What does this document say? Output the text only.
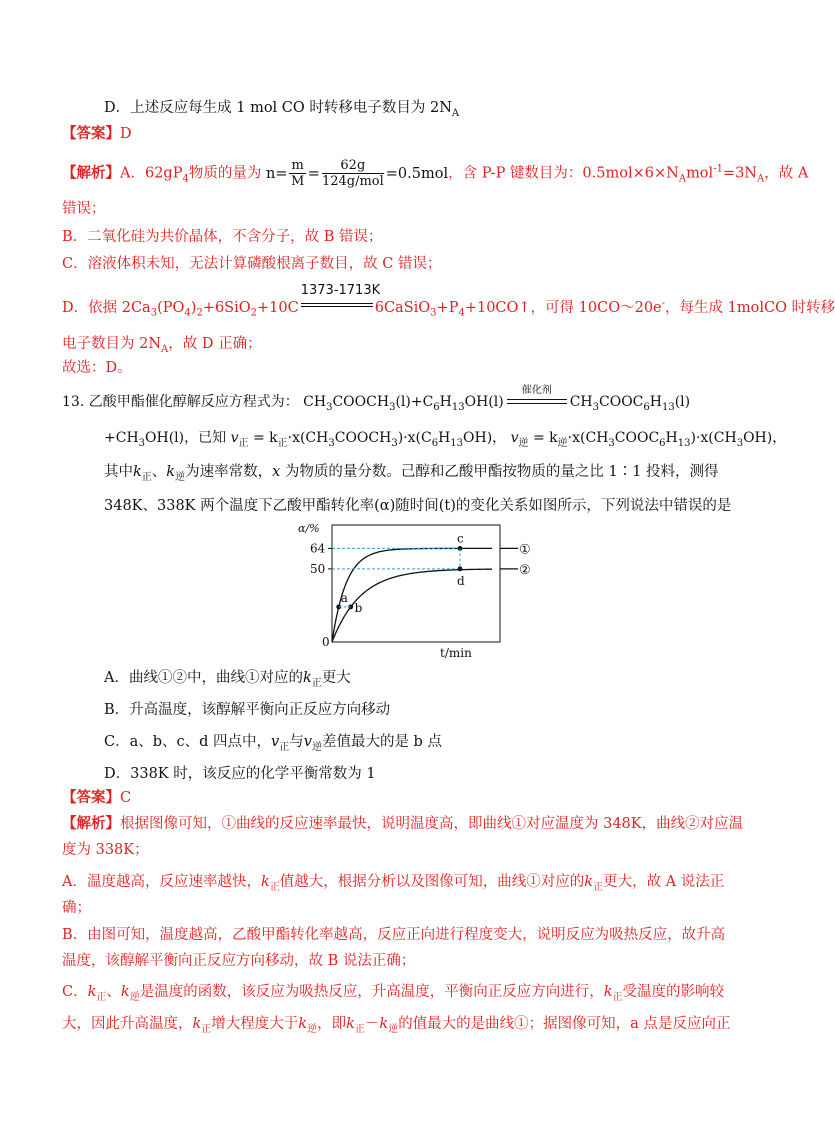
D．上述反应每生成 1 mol CO 时转移电子数目为 $2N_A$
【答案】D
【解析】A．$62gP_4$物质的量为 $n= \frac{m}{M} = \frac{62g}{\text{124g/mol}} =0.5mol$，含 P-P 键数目为：$0.5mol\times 6\times N_Amol^{-1}=3N_A$，故 A
错误；
B．二氧化硅为共价晶体，不含分子，故 B 错误；
C．溶液体积未知，无法计算磷酸根离子数目，故 C 错误；
D．依据 $2Ca_3(PO_4)_2+6SiO_2+10C$
1373-1713K
$6CaSiO_3+P_4+10CO↑$，可得 10CO～20e-，每生成 1molCO 时转移
电子数目为 $2N_A$，故 D 正确；
故选：D。
13. 乙酸甲酯催化醇解反应方程式为： $CH_3COOCH_3(l)+C_6H_{13}OH(l)$
催化剂
$CH_3COOC_6H_{13}(l)$
$+CH_3OH(l)$，已知 $v_正$ = $k_正\cdot x(CH_3COOCH_3)\cdot x(C_6H_{13}OH)$， $v_逆$ = $k_逆\cdot x(CH_3COOC_6H_{13})\cdot x(CH_3OH)$，
其中$k_正$、$k_逆$为速率常数，x 为物质的量分数。己醇和乙酸甲酯按物质的量之比 1∶1 投料，测得
348K、338K 两个温度下乙酸甲酯转化率(α)随时间(t)的变化关系如图所示，下列说法中错误的是
α/%
t/min
64
50
0
①
②
a
c
b
d
A．曲线①②中，曲线①对应的$k_正$更大
B．升高温度，该醇解平衡向正反应方向移动
C．a、b、c、d 四点中，$v_正$与$v_逆$差值最大的是 b 点
D．338K 时，该反应的化学平衡常数为 1
【答案】C
【解析】根据图像可知，①曲线的反应速率最快，说明温度高，即曲线①对应温度为 348K，曲线②对应温
度为 338K；
A．温度越高，反应速率越快，$k_正$值越大，根据分析以及图像可知，曲线①对应的$k_正$更大，故 A 说法正
确；
B．由图可知，温度越高，乙酸甲酯转化率越高，反应正向进行程度变大，说明反应为吸热反应，故升高
温度，该醇解平衡向正反应方向移动，故 B 说法正确；
C．$k_正$、$k_逆$是温度的函数，该反应为吸热反应，升高温度，平衡向正反应方向进行，$k_正$受温度的影响较
大，因此升高温度，$k_正$增大程度大于$k_逆$，即$k_正-k_逆$的值最大的是曲线①；据图像可知，a 点是反应向正
